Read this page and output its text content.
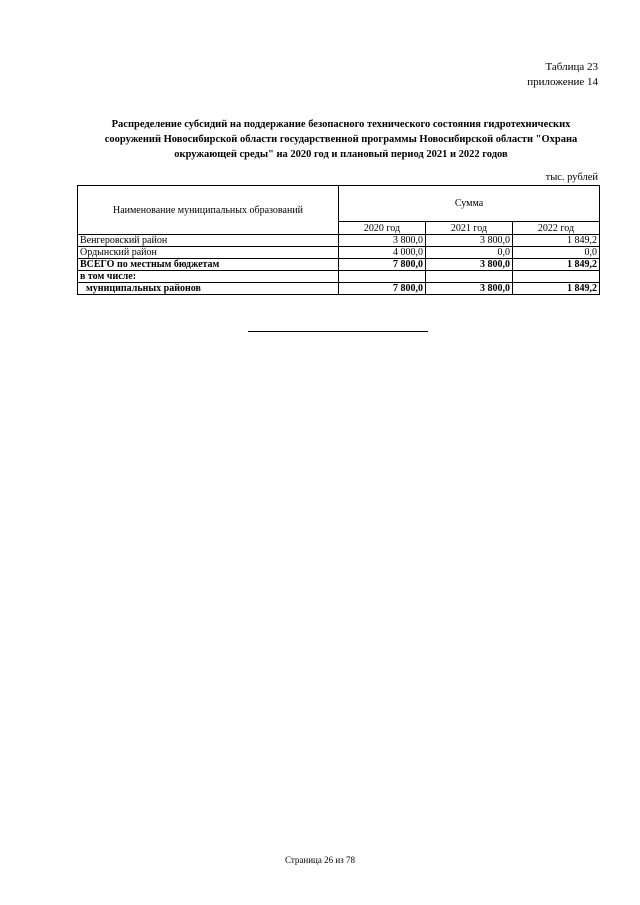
Таблица 23
приложение 14
Распределение субсидий на поддержание безопасного технического состояния гидротехнических
сооружений Новосибирской области государственной программы Новосибирской области "Охрана
окружающей среды" на 2020 год и плановый период 2021 и 2022 годов
тыс. рублей
Наименование муниципальных образований	Сумма		
	2020 год	2021 год	2022 год
Венгеровский район	3 800,0	3 800,0	1 849,2
Ордынский район	4 000,0	0,0	0,0
ВСЕГО по местным бюджетам	7 800,0	3 800,0	1 849,2
в том числе:			
муниципальных районов	7 800,0	3 800,0	1 849,2
Страница 26 из 78
